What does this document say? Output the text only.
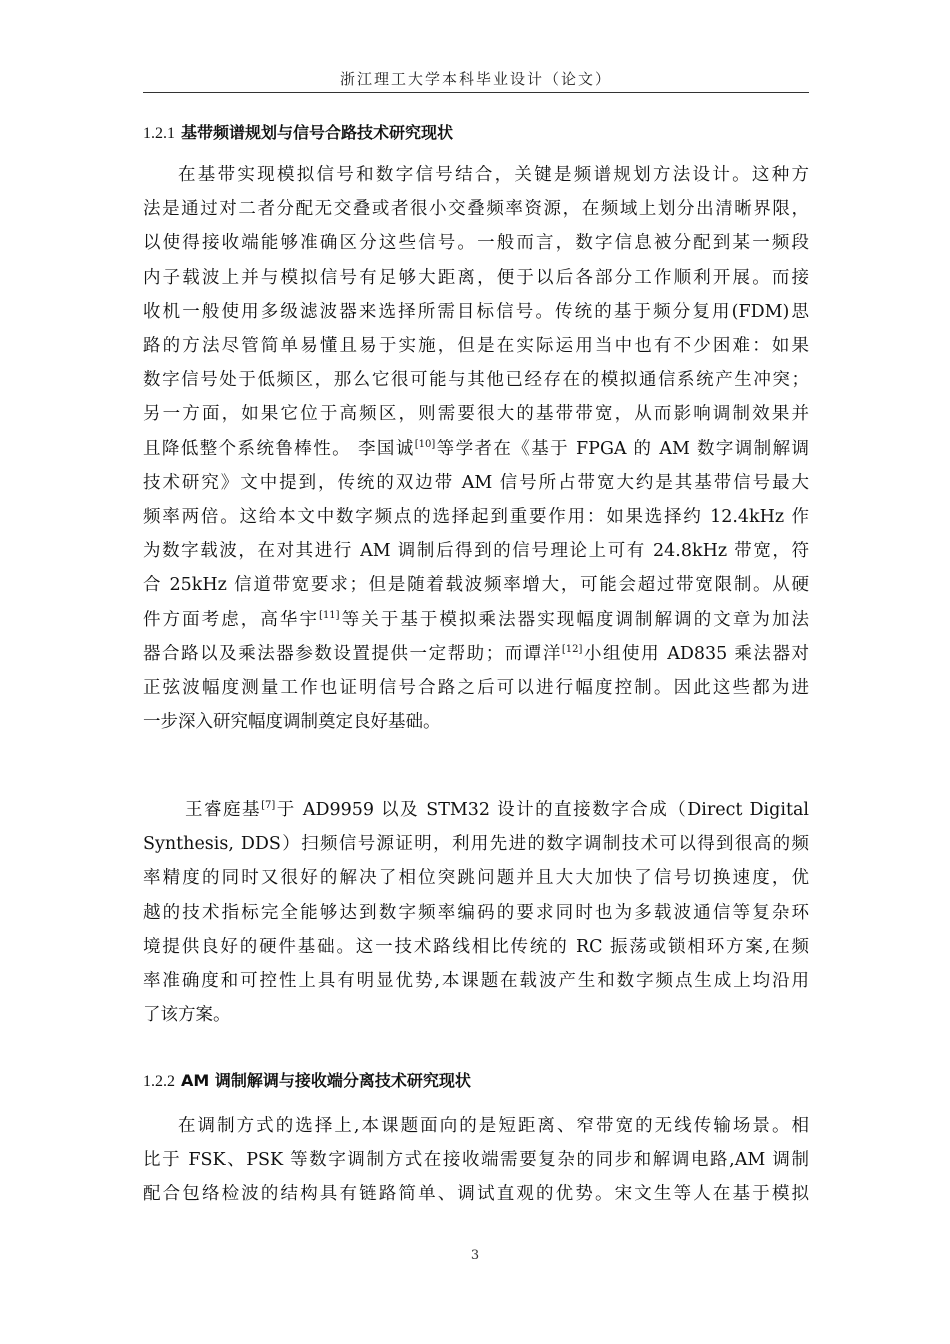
浙江理工大学本科毕业设计（论文）
1.2.1 基带频谱规划与信号合路技术研究现状
在基带实现模拟信号和数字信号结合，关键是频谱规划方法设计。这种方
法是通过对二者分配无交叠或者很小交叠频率资源，在频域上划分出清晰界限，
以使得接收端能够准确区分这些信号。一般而言，数字信息被分配到某一频段
内子载波上并与模拟信号有足够大距离，便于以后各部分工作顺利开展。而接
收机一般使用多级滤波器来选择所需目标信号。传统的基于频分复用(FDM)思
路的方法尽管简单易懂且易于实施，但是在实际运用当中也有不少困难：如果
数字信号处于低频区，那么它很可能与其他已经存在的模拟通信系统产生冲突；
另一方面，如果它位于高频区，则需要很大的基带带宽，从而影响调制效果并
且降低整个系统鲁棒性。 李国诚[10]等学者在《基于 FPGA 的 AM 数字调制解调
技术研究》文中提到，传统的双边带 AM 信号所占带宽大约是其基带信号最大
频率两倍。这给本文中数字频点的选择起到重要作用：如果选择约 12.4kHz 作
为数字载波，在对其进行 AM 调制后得到的信号理论上可有 24.8kHz 带宽，符
合 25kHz 信道带宽要求；但是随着载波频率增大，可能会超过带宽限制。从硬
件方面考虑，高华宇[11]等关于基于模拟乘法器实现幅度调制解调的文章为加法
器合路以及乘法器参数设置提供一定帮助；而谭洋[12]小组使用 AD835 乘法器对
正弦波幅度测量工作也证明信号合路之后可以进行幅度控制。因此这些都为进
一步深入研究幅度调制奠定良好基础。
王睿庭基[7]于 AD9959 以及 STM32 设计的直接数字合成（Direct Digital
Synthesis, DDS）扫频信号源证明，利用先进的数字调制技术可以得到很高的频
率精度的同时又很好的解决了相位突跳问题并且大大加快了信号切换速度，优
越的技术指标完全能够达到数字频率编码的要求同时也为多载波通信等复杂环
境提供良好的硬件基础。这一技术路线相比传统的 RC 振荡或锁相环方案,在频
率准确度和可控性上具有明显优势,本课题在载波产生和数字频点生成上均沿用
了该方案。
1.2.2 AM 调制解调与接收端分离技术研究现状
在调制方式的选择上,本课题面向的是短距离、窄带宽的无线传输场景。相
比于 FSK、PSK 等数字调制方式在接收端需要复杂的同步和解调电路,AM 调制
配合包络检波的结构具有链路简单、调试直观的优势。宋文生等人在基于模拟
3
